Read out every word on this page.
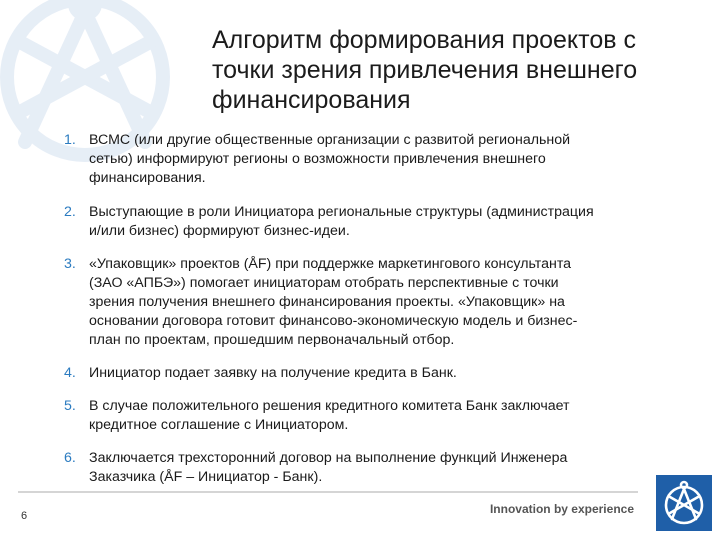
Алгоритм формирования проектов с точки зрения привлечения внешнего финансирования
1. ВСМС (или другие общественные организации с развитой региональной
сетью) информируют регионы о возможности привлечения внешнего
финансирования.
2. Выступающие в роли Инициатора региональные структуры (администрация
и/или бизнес) формируют бизнес-идеи.
3. «Упаковщик» проектов (ÅF) при поддержке маркетингового консультанта
(ЗАО «АПБЭ») помогает инициаторам отобрать перспективные с точки
зрения получения внешнего финансирования проекты. «Упаковщик» на
основании договора готовит финансово-экономическую модель и бизнес-
план по проектам, прошедшим первоначальный отбор.
4. Инициатор подает заявку на получение кредита в Банк.
5. В случае положительного решения кредитного комитета Банк заключает
кредитное соглашение с Инициатором.
6. Заключается трехсторонний договор на выполнение функций Инженера
Заказчика (ÅF – Инициатор - Банк).
6	Innovation by experience
